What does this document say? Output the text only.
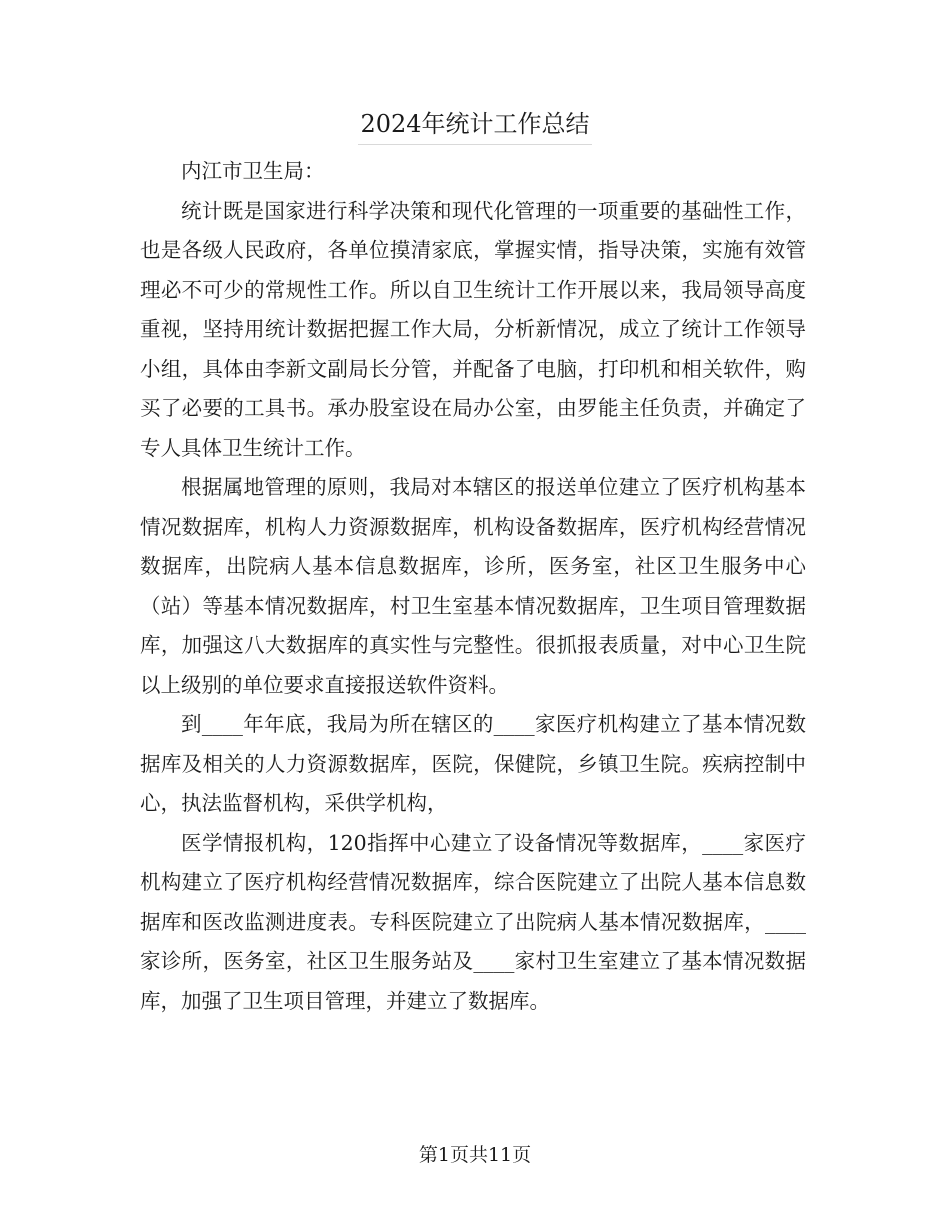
2024年统计工作总结

内江市卫生局：

统计既是国家进行科学决策和现代化管理的一项重要的基础性工作，也是各级人民政府，各单位摸清家底，掌握实情，指导决策，实施有效管理必不可少的常规性工作。所以自卫生统计工作开展以来，我局领导高度重视，坚持用统计数据把握工作大局，分析新情况，成立了统计工作领导小组，具体由李新文副局长分管，并配备了电脑，打印机和相关软件，购买了必要的工具书。承办股室设在局办公室，由罗能主任负责，并确定了专人具体卫生统计工作。

根据属地管理的原则，我局对本辖区的报送单位建立了医疗机构基本情况数据库，机构人力资源数据库，机构设备数据库，医疗机构经营情况数据库，出院病人基本信息数据库，诊所，医务室，社区卫生服务中心（站）等基本情况数据库，村卫生室基本情况数据库，卫生项目管理数据库，加强这八大数据库的真实性与完整性。很抓报表质量，对中心卫生院以上级别的单位要求直接报送软件资料。

到____年年底，我局为所在辖区的____家医疗机构建立了基本情况数据库及相关的人力资源数据库，医院，保健院，乡镇卫生院。疾病控制中心，执法监督机构，采供学机构，

医学情报机构，120指挥中心建立了设备情况等数据库，____家医疗机构建立了医疗机构经营情况数据库，综合医院建立了出院人基本信息数据库和医改监测进度表。专科医院建立了出院病人基本情况数据库，____家诊所，医务室，社区卫生服务站及____家村卫生室建立了基本情况数据库，加强了卫生项目管理，并建立了数据库。

第1页共11页
